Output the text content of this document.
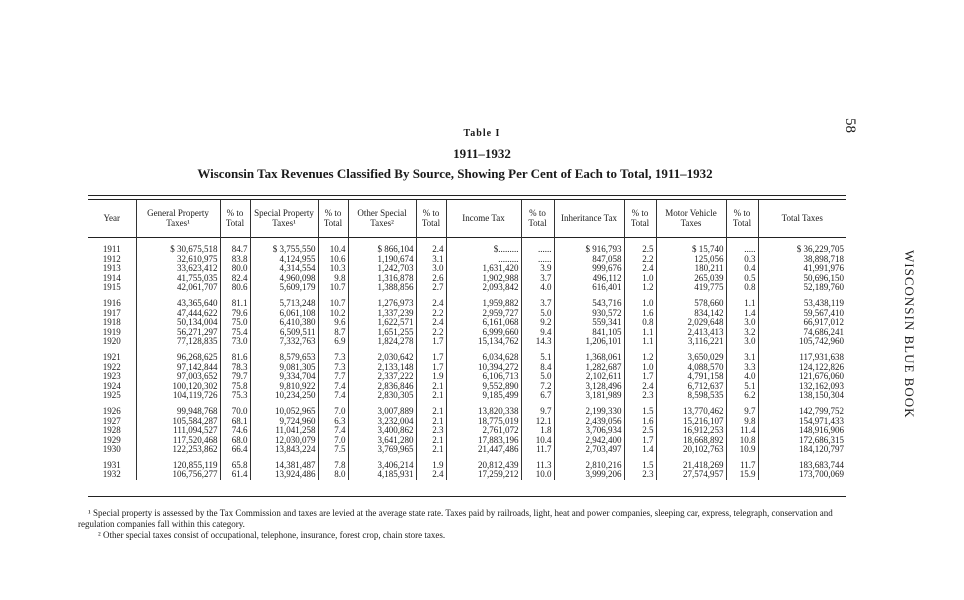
58
WISCONSIN BLUE BOOK
Table I
1911–1932
Wisconsin Tax Revenues Classified By Source, Showing Per Cent of Each to Total, 1911–1932
Year	General Property Taxes¹	% to Total	Special Property Taxes¹	% to Total	Other Special Taxes²	% to Total	Income Tax	% to Total	Inheritance Tax	% to Total	Motor Vehicle Taxes	% to Total	Total Taxes
1911	$ 30,675,518	84.7	$ 3,755,550	10.4	$ 866,104	2.4	$.........	......	$ 916,793	2.5	$ 15,740	.....	$ 36,229,705
1912	32,610,975	83.8	4,124,955	10.6	1,190,674	3.1	.........	......	847,058	2.2	125,056	0.3	38,898,718
1913	33,623,412	80.0	4,314,554	10.3	1,242,703	3.0	1,631,420	3.9	999,676	2.4	180,211	0.4	41,991,976
1914	41,755,035	82.4	4,960,098	9.8	1,316,878	2.6	1,902,988	3.7	496,112	1.0	265,039	0.5	50,696,150
1915	42,061,707	80.6	5,609,179	10.7	1,388,856	2.7	2,093,842	4.0	616,401	1.2	419,775	0.8	52,189,760

1916	43,365,640	81.1	5,713,248	10.7	1,276,973	2.4	1,959,882	3.7	543,716	1.0	578,660	1.1	53,438,119
1917	47,444,622	79.6	6,061,108	10.2	1,337,239	2.2	2,959,727	5.0	930,572	1.6	834,142	1.4	59,567,410
1918	50,134,004	75.0	6,410,380	9.6	1,622,571	2.4	6,161,068	9.2	559,341	0.8	2,029,648	3.0	66,917,012
1919	56,271,297	75.4	6,509,511	8.7	1,651,255	2.2	6,999,660	9.4	841,105	1.1	2,413,413	3.2	74,686,241
1920	77,128,835	73.0	7,332,763	6.9	1,824,278	1.7	15,134,762	14.3	1,206,101	1.1	3,116,221	3.0	105,742,960

1921	96,268,625	81.6	8,579,653	7.3	2,030,642	1.7	6,034,628	5.1	1,368,061	1.2	3,650,029	3.1	117,931,638
1922	97,142,844	78.3	9,081,305	7.3	2,133,148	1.7	10,394,272	8.4	1,282,687	1.0	4,088,570	3.3	124,122,826
1923	97,003,652	79.7	9,334,704	7.7	2,337,222	1.9	6,106,713	5.0	2,102,611	1.7	4,791,158	4.0	121,676,060
1924	100,120,302	75.8	9,810,922	7.4	2,836,846	2.1	9,552,890	7.2	3,128,496	2.4	6,712,637	5.1	132,162,093
1925	104,119,726	75.3	10,234,250	7.4	2,830,305	2.1	9,185,499	6.7	3,181,989	2.3	8,598,535	6.2	138,150,304

1926	99,948,768	70.0	10,052,965	7.0	3,007,889	2.1	13,820,338	9.7	2,199,330	1.5	13,770,462	9.7	142,799,752
1927	105,584,287	68.1	9,724,960	6.3	3,232,004	2.1	18,775,019	12.1	2,439,056	1.6	15,216,107	9.8	154,971,433
1928	111,094,527	74.6	11,041,258	7.4	3,400,862	2.3	2,761,072	1.8	3,706,934	2.5	16,912,253	11.4	148,916,906
1929	117,520,468	68.0	12,030,079	7.0	3,641,280	2.1	17,883,196	10.4	2,942,400	1.7	18,668,892	10.8	172,686,315
1930	122,253,862	66.4	13,843,224	7.5	3,769,965	2.1	21,447,486	11.7	2,703,497	1.4	20,102,763	10.9	184,120,797

1931	120,855,119	65.8	14,381,487	7.8	3,406,214	1.9	20,812,439	11.3	2,810,216	1.5	21,418,269	11.7	183,683,744
1932	106,756,277	61.4	13,924,486	8.0	4,185,931	2.4	17,259,212	10.0	3,999,206	2.3	27,574,957	15.9	173,700,069

¹ Special property is assessed by the Tax Commission and taxes are levied at the average state rate. Taxes paid by railroads, light, heat and power companies, sleeping car, express, telegraph, conservation and regulation companies fall within this category.

² Other special taxes consist of occupational, telephone, insurance, forest crop, chain store taxes.
